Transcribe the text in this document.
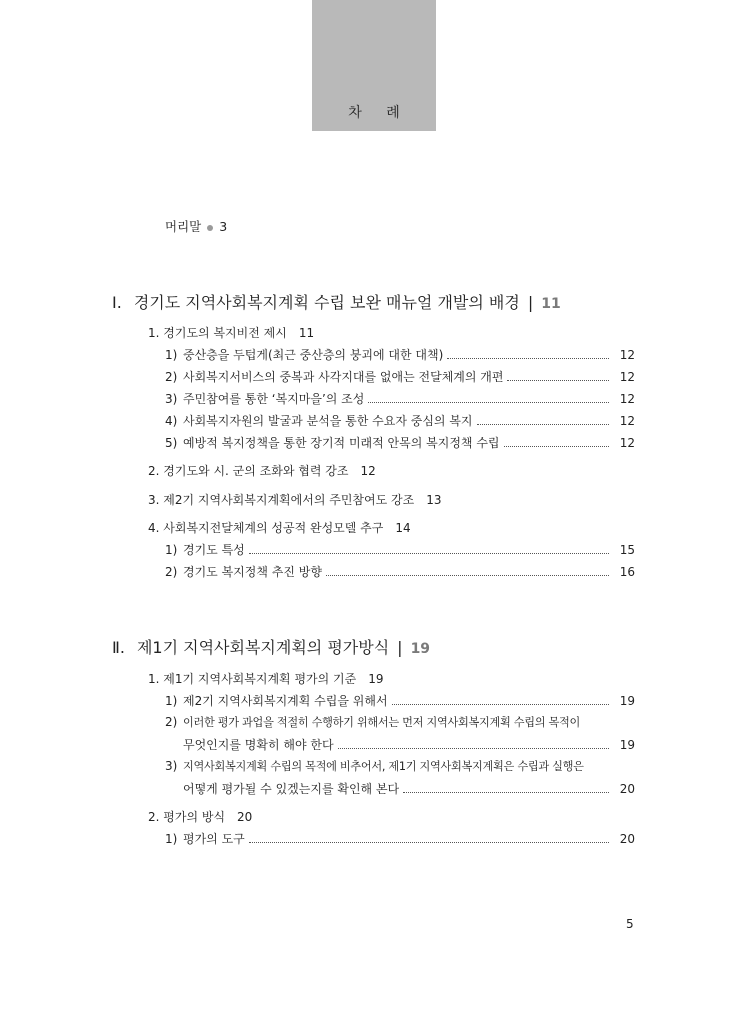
차 례
머리말 3
Ⅰ. 경기도 지역사회복지계획 수립 보완 매뉴얼 개발의 배경 | 11
1. 경기도의 복지비전 제시 11
1) 중산층을 두텁게(최근 중산층의 붕괴에 대한 대책)	12
2) 사회복지서비스의 중복과 사각지대를 없애는 전달체계의 개편	12
3) 주민참여를 통한 ‘복지마을’의 조성	12
4) 사회복지자원의 발굴과 분석을 통한 수요자 중심의 복지	12
5) 예방적 복지정책을 통한 장기적 미래적 안목의 복지정책 수립	12
2. 경기도와 시. 군의 조화와 협력 강조 12
3. 제2기 지역사회복지계획에서의 주민참여도 강조 13
4. 사회복지전달체계의 성공적 완성모델 추구 14
1) 경기도 특성	15
2) 경기도 복지정책 추진 방향	16
Ⅱ. 제1기 지역사회복지계획의 평가방식 | 19
1. 제1기 지역사회복지계획 평가의 기준 19
1) 제2기 지역사회복지계획 수립을 위해서	19
2) 이러한 평가 과업을 적절히 수행하기 위해서는 먼저 지역사회복지계획 수립의 목적이
무엇인지를 명확히 해야 한다	19
3) 지역사회복지계획 수립의 목적에 비추어서, 제1기 지역사회복지계획은 수립과 실행은
어떻게 평가될 수 있겠는지를 확인해 본다	20
2. 평가의 방식 20
1) 평가의 도구	20
5
